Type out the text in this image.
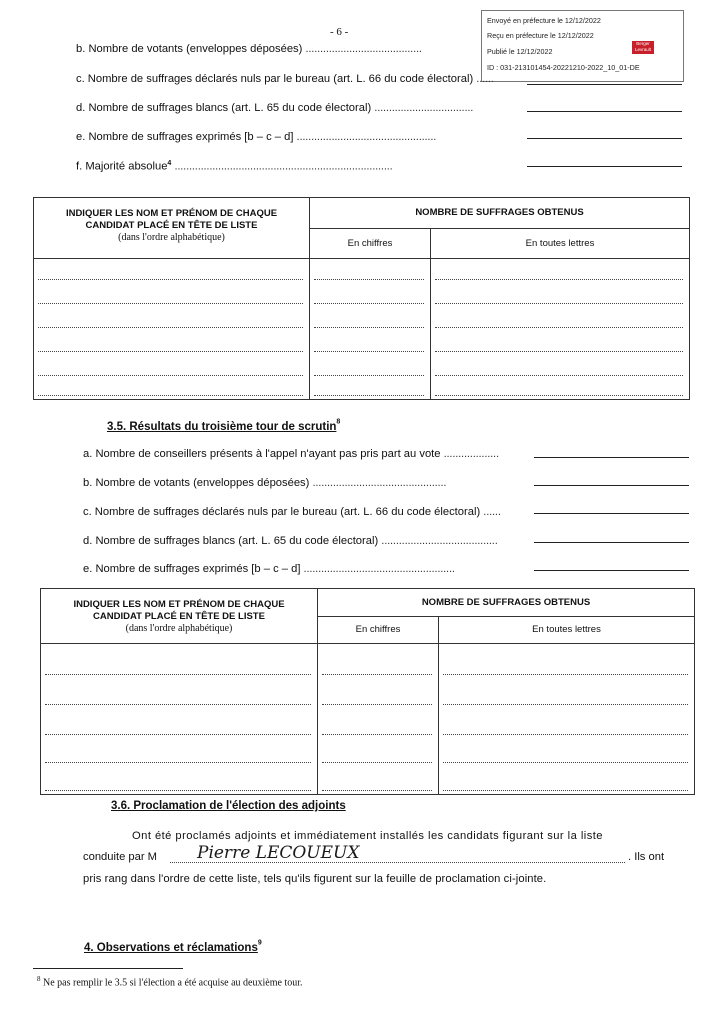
- 6 -
Envoyé en préfecture le 12/12/2022
Reçu en préfecture le 12/12/2022
Publié le 12/12/2022
ID : 031-213101454-20221210-2022_10_01-DE
Berger Levrault
b. Nombre de votants (enveloppes déposées) ........................................
c. Nombre de suffrages déclarés nuls par le bureau (art. L. 66 du code électoral) ......
d. Nombre de suffrages blancs (art. L. 65 du code électoral) ..................................
e. Nombre de suffrages exprimés [b – c – d] ................................................
f. Majorité absolue$^4$ ...........................................................................
INDIQUER LES NOM ET PRÉNOM DE CHAQUE
CANDIDAT PLACÉ EN TÊTE DE LISTE
(dans l'ordre alphabétique)	NOMBRE DE SUFFRAGES OBTENUS	
	En chiffres	En toutes lettres

3.5. Résultats du troisième tour de scrutin$^8$
a. Nombre de conseillers présents à l'appel n'ayant pas pris part au vote ...................
b. Nombre de votants (enveloppes déposées) ..............................................
c. Nombre de suffrages déclarés nuls par le bureau (art. L. 66 du code électoral) ......
d. Nombre de suffrages blancs (art. L. 65 du code électoral) ........................................
e. Nombre de suffrages exprimés [b – c – d] ....................................................
INDIQUER LES NOM ET PRÉNOM DE CHAQUE
CANDIDAT PLACÉ EN TÊTE DE LISTE
(dans l'ordre alphabétique)	NOMBRE DE SUFFRAGES OBTENUS	
	En chiffres	En toutes lettres

3.6. Proclamation de l'élection des adjoints
Ont été proclamés adjoints et immédiatement installés les candidats figurant sur la liste
conduite par M Pierre LECOUEUX	. Ils ont
pris rang dans l'ordre de cette liste, tels qu'ils figurent sur la feuille de proclamation ci-jointe.
4. Observations et réclamations$^9$
$^8$ Ne pas remplir le 3.5 si l'élection a été acquise au deuxième tour.
